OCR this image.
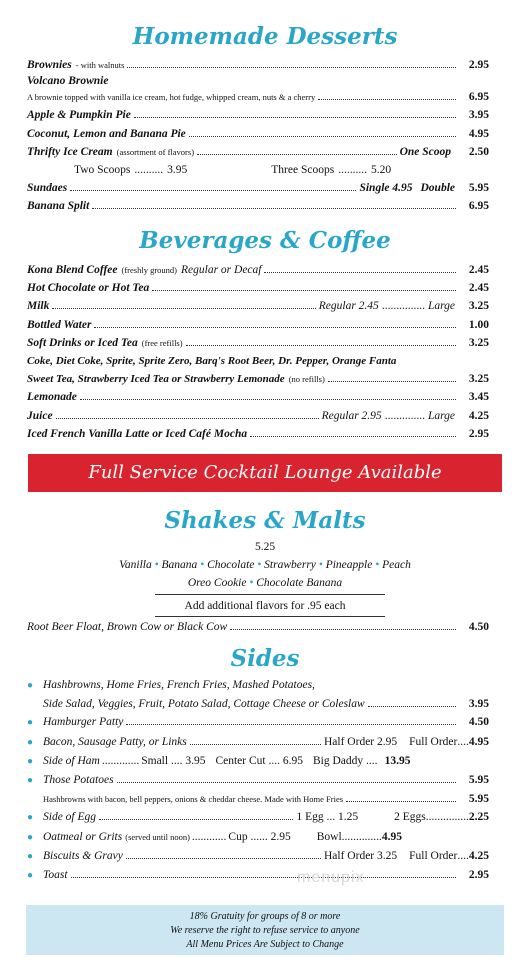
Homemade Desserts
Brownies - with walnuts	2.95
Volcano Brownie
A brownie topped with vanilla ice cream, hot fudge, whipped cream, nuts & a cherry	6.95
Apple & Pumpkin Pie	3.95
Coconut, Lemon and Banana Pie	4.95
Thrifty Ice Cream (assortment of flavors)	One Scoop	2.50
Two Scoops .......... 3.95	Three Scoops .......... 5.20
Sundaes	Single 4.95 Double	5.95
Banana Split	6.95
Beverages & Coffee
Kona Blend Coffee (freshly ground) Regular or Decaf	2.45
Hot Chocolate or Hot Tea	2.45
Milk	Regular 2.45 ............... Large	3.25
Bottled Water	1.00
Soft Drinks or Iced Tea (free refills)	3.25
Coke, Diet Coke, Sprite, Sprite Zero, Barq's Root Beer, Dr. Pepper, Orange Fanta
Sweet Tea, Strawberry Iced Tea or Strawberry Lemonade (no refills)	3.25
Lemonade	3.45
Juice	Regular 2.95 .............. Large	4.25
Iced French Vanilla Latte or Iced Café Mocha	2.95
Full Service Cocktail Lounge Available
Shakes & Malts
5.25
Vanilla • Banana • Chocolate • Strawberry • Pineapple • Peach
Oreo Cookie • Chocolate Banana
Add additional flavors for .95 each
Root Beer Float, Brown Cow or Black Cow	4.50
Sides
● Hashbrowns, Home Fries, French Fries, Mashed Potatoes,
Side Salad, Veggies, Fruit, Potato Salad, Cottage Cheese or Coleslaw	3.95
● Hamburger Patty	4.50
● Bacon, Sausage Patty, or Links	Half Order 2.95 Full Order .... 4.95
● Side of Ham ............. Small .... 3.95 Center Cut .... 6.95 Big Daddy .... 13.95
● Those Potatoes	5.95
Hashbrowns with bacon, bell peppers, onions & cheddar cheese. Made with Home Fries	5.95
● Side of Egg	1 Egg ... 1.25	2 Eggs ............... 2.25
● Oatmeal or Grits (served until noon) ............ Cup ...... 2.95 Bowl .............. 4.95
● Biscuits & Gravy	Half Order 3.25 Full Order .... 4.25
● Toast	2.95
menupix
18% Gratuity for groups of 8 or more
We reserve the right to refuse service to anyone
All Menu Prices Are Subject to Change
